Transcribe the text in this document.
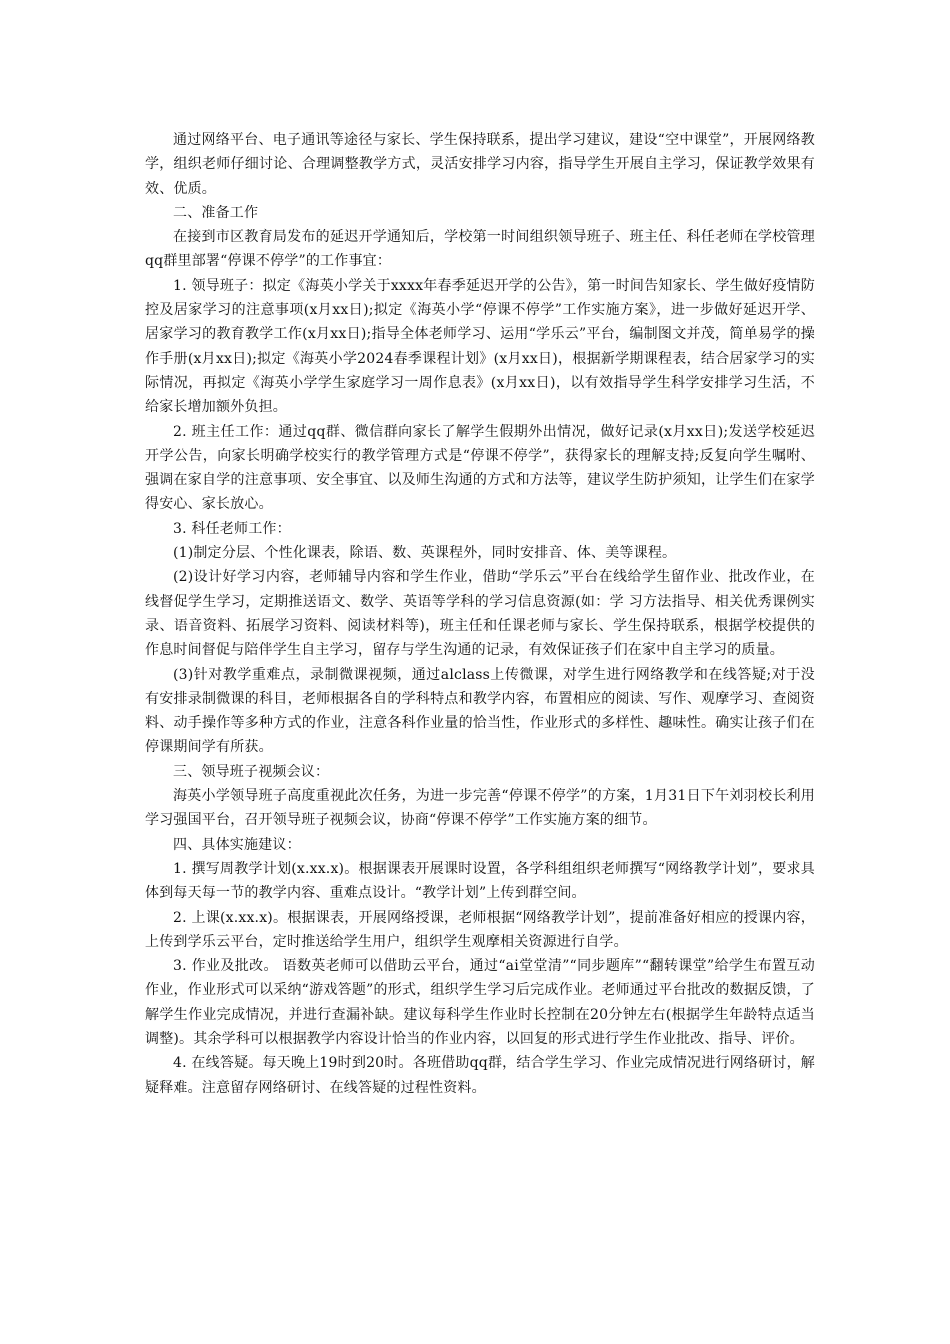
通过网络平台、电子通讯等途径与家长、学生保持联系，提出学习建议，建设“空中课堂”，开展网络教学，组织老师仔细讨论、合理调整教学方式，灵活安排学习内容，指导学生开展自主学习，保证教学效果有效、优质。

二、准备工作

在接到市区教育局发布的延迟开学通知后，学校第一时间组织领导班子、班主任、科任老师在学校管理qq群里部署“停课不停学”的工作事宜：

1. 领导班子：拟定《海英小学关于xxxx年春季延迟开学的公告》，第一时间告知家长、学生做好疫情防控及居家学习的注意事项(x月xx日);拟定《海英小学“停课不停学”工作实施方案》，进一步做好延迟开学、居家学习的教育教学工作(x月xx日);指导全体老师学习、运用“学乐云”平台，编制图文并茂，简单易学的操作手册(x月xx日);拟定《海英小学2024春季课程计划》(x月xx日)，根据新学期课程表，结合居家学习的实际情况，再拟定《海英小学学生家庭学习一周作息表》(x月xx日)，以有效指导学生科学安排学习生活，不给家长增加额外负担。

2. 班主任工作：通过qq群、微信群向家长了解学生假期外出情况，做好记录(x月xx日);发送学校延迟开学公告，向家长明确学校实行的教学管理方式是“停课不停学”，获得家长的理解支持;反复向学生嘱咐、强调在家自学的注意事项、安全事宜、以及师生沟通的方式和方法等，建议学生防护须知，让学生们在家学得安心、家长放心。

3. 科任老师工作：

(1)制定分层、个性化课表，除语、数、英课程外，同时安排音、体、美等课程。

(2)设计好学习内容，老师辅导内容和学生作业，借助“学乐云”平台在线给学生留作业、批改作业，在线督促学生学习，定期推送语文、数学、英语等学科的学习信息资源(如：学 习方法指导、相关优秀课例实录、语音资料、拓展学习资料、阅读材料等)，班主任和任课老师与家长、学生保持联系，根据学校提供的作息时间督促与陪伴学生自主学习，留存与学生沟通的记录，有效保证孩子们在家中自主学习的质量。

(3)针对教学重难点，录制微课视频，通过alclass上传微课，对学生进行网络教学和在线答疑;对于没有安排录制微课的科目，老师根据各自的学科特点和教学内容，布置相应的阅读、写作、观摩学习、查阅资料、动手操作等多种方式的作业，注意各科作业量的恰当性，作业形式的多样性、趣味性。确实让孩子们在停课期间学有所获。

三、领导班子视频会议：

海英小学领导班子高度重视此次任务，为进一步完善“停课不停学”的方案，1月31日下午刘羽校长利用学习强国平台，召开领导班子视频会议，协商“停课不停学”工作实施方案的细节。

四、具体实施建议：

1. 撰写周教学计划(x.xx.x)。根据课表开展课时设置，各学科组组织老师撰写“网络教学计划”，要求具体到每天每一节的教学内容、重难点设计。“教学计划”上传到群空间。

2. 上课(x.xx.x)。根据课表，开展网络授课，老师根据“网络教学计划”，提前准备好相应的授课内容，上传到学乐云平台，定时推送给学生用户，组织学生观摩相关资源进行自学。

3. 作业及批改。 语数英老师可以借助云平台，通过“ai堂堂清”“同步题库”“翻转课堂”给学生布置互动作业，作业形式可以采纳“游戏答题”的形式，组织学生学习后完成作业。老师通过平台批改的数据反馈，了解学生作业完成情况，并进行查漏补缺。建议每科学生作业时长控制在20分钟左右(根据学生年龄特点适当调整)。其余学科可以根据教学内容设计恰当的作业内容，以回复的形式进行学生作业批改、指导、评价。

4. 在线答疑。每天晚上19时到20时。各班借助qq群，结合学生学习、作业完成情况进行网络研讨，解疑释难。注意留存网络研讨、在线答疑的过程性资料。
